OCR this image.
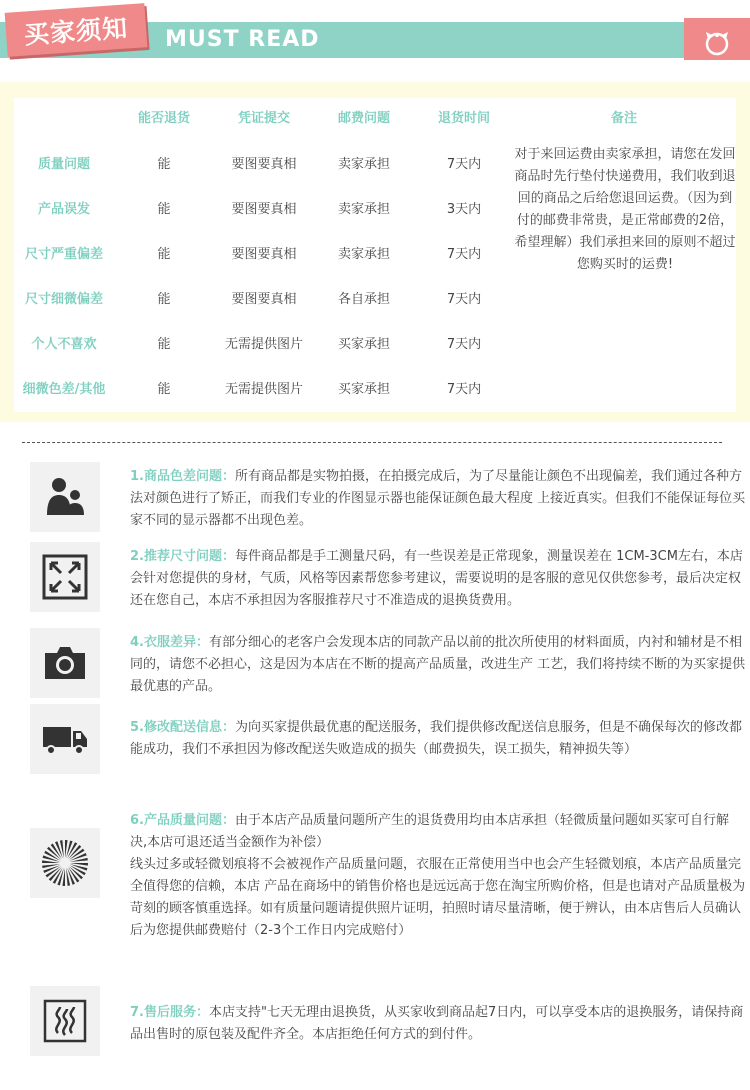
买家须知 MUST READ
能否退货	凭证提交	邮费问题	退货时间	备注
质量问题	能	要图要真相	卖家承担	7天内
产品误发	能	要图要真相	卖家承担	3天内
尺寸严重偏差	能	要图要真相	卖家承担	7天内
尺寸细微偏差	能	要图要真相	各自承担	7天内
个人不喜欢	能	无需提供图片	买家承担	7天内
细微色差/其他	能	无需提供图片	买家承担	7天内
对于来回运费由卖家承担，请您在发回商品时先行垫付快递费用，我们收到退回的商品之后给您退回运费。（因为到付的邮费非常贵，是正常邮费的2倍，希望理解）我们承担来回的原则不超过您购买时的运费!

1.商品色差问题：所有商品都是实物拍摄，在拍摄完成后，为了尽量能让颜色不出现偏差，我们通过各种方法对颜色进行了矫正，而我们专业的作图显示器也能保证颜色最大程度 上接近真实。但我们不能保证每位买家不同的显示器都不出现色差。

2.推荐尺寸问题：每件商品都是手工测量尺码，有一些误差是正常现象，测量误差在 1CM-3CM左右，本店会针对您提供的身材，气质，风格等因素帮您参考建议，需要说明的是客服的意见仅供您参考，最后决定权还在您自己，本店不承担因为客服推荐尺寸不准造成的退换货费用。

4.衣服差异：有部分细心的老客户会发现本店的同款产品以前的批次所使用的材料面质，内衬和辅材是不相同的，请您不必担心，这是因为本店在不断的提高产品质量，改进生产 工艺，我们将持续不断的为买家提供最优惠的产品。

5.修改配送信息：为向买家提供最优惠的配送服务，我们提供修改配送信息服务，但是不确保每次的修改都能成功，我们不承担因为修改配送失败造成的损失（邮费损失，误工损失，精神损失等）

6.产品质量问题：由于本店产品质量问题所产生的退货费用均由本店承担（轻微质量问题如买家可自行解决,本店可退还适当金额作为补偿）

线头过多或轻微划痕将不会被视作产品质量问题，衣服在正常使用当中也会产生轻微划痕，本店产品质量完全值得您的信赖，本店 产品在商场中的销售价格也是远远高于您在淘宝所购价格，但是也请对产品质量极为苛刻的顾客慎重选择。如有质量问题请提供照片证明，拍照时请尽量清晰，便于辨认，由本店售后人员确认后为您提供邮费赔付（2-3个工作日内完成赔付）

7.售后服务：本店支持"七天无理由退换货，从买家收到商品起7日内，可以享受本店的退换服务，请保持商品出售时的原包装及配件齐全。本店拒绝任何方式的到付件。
